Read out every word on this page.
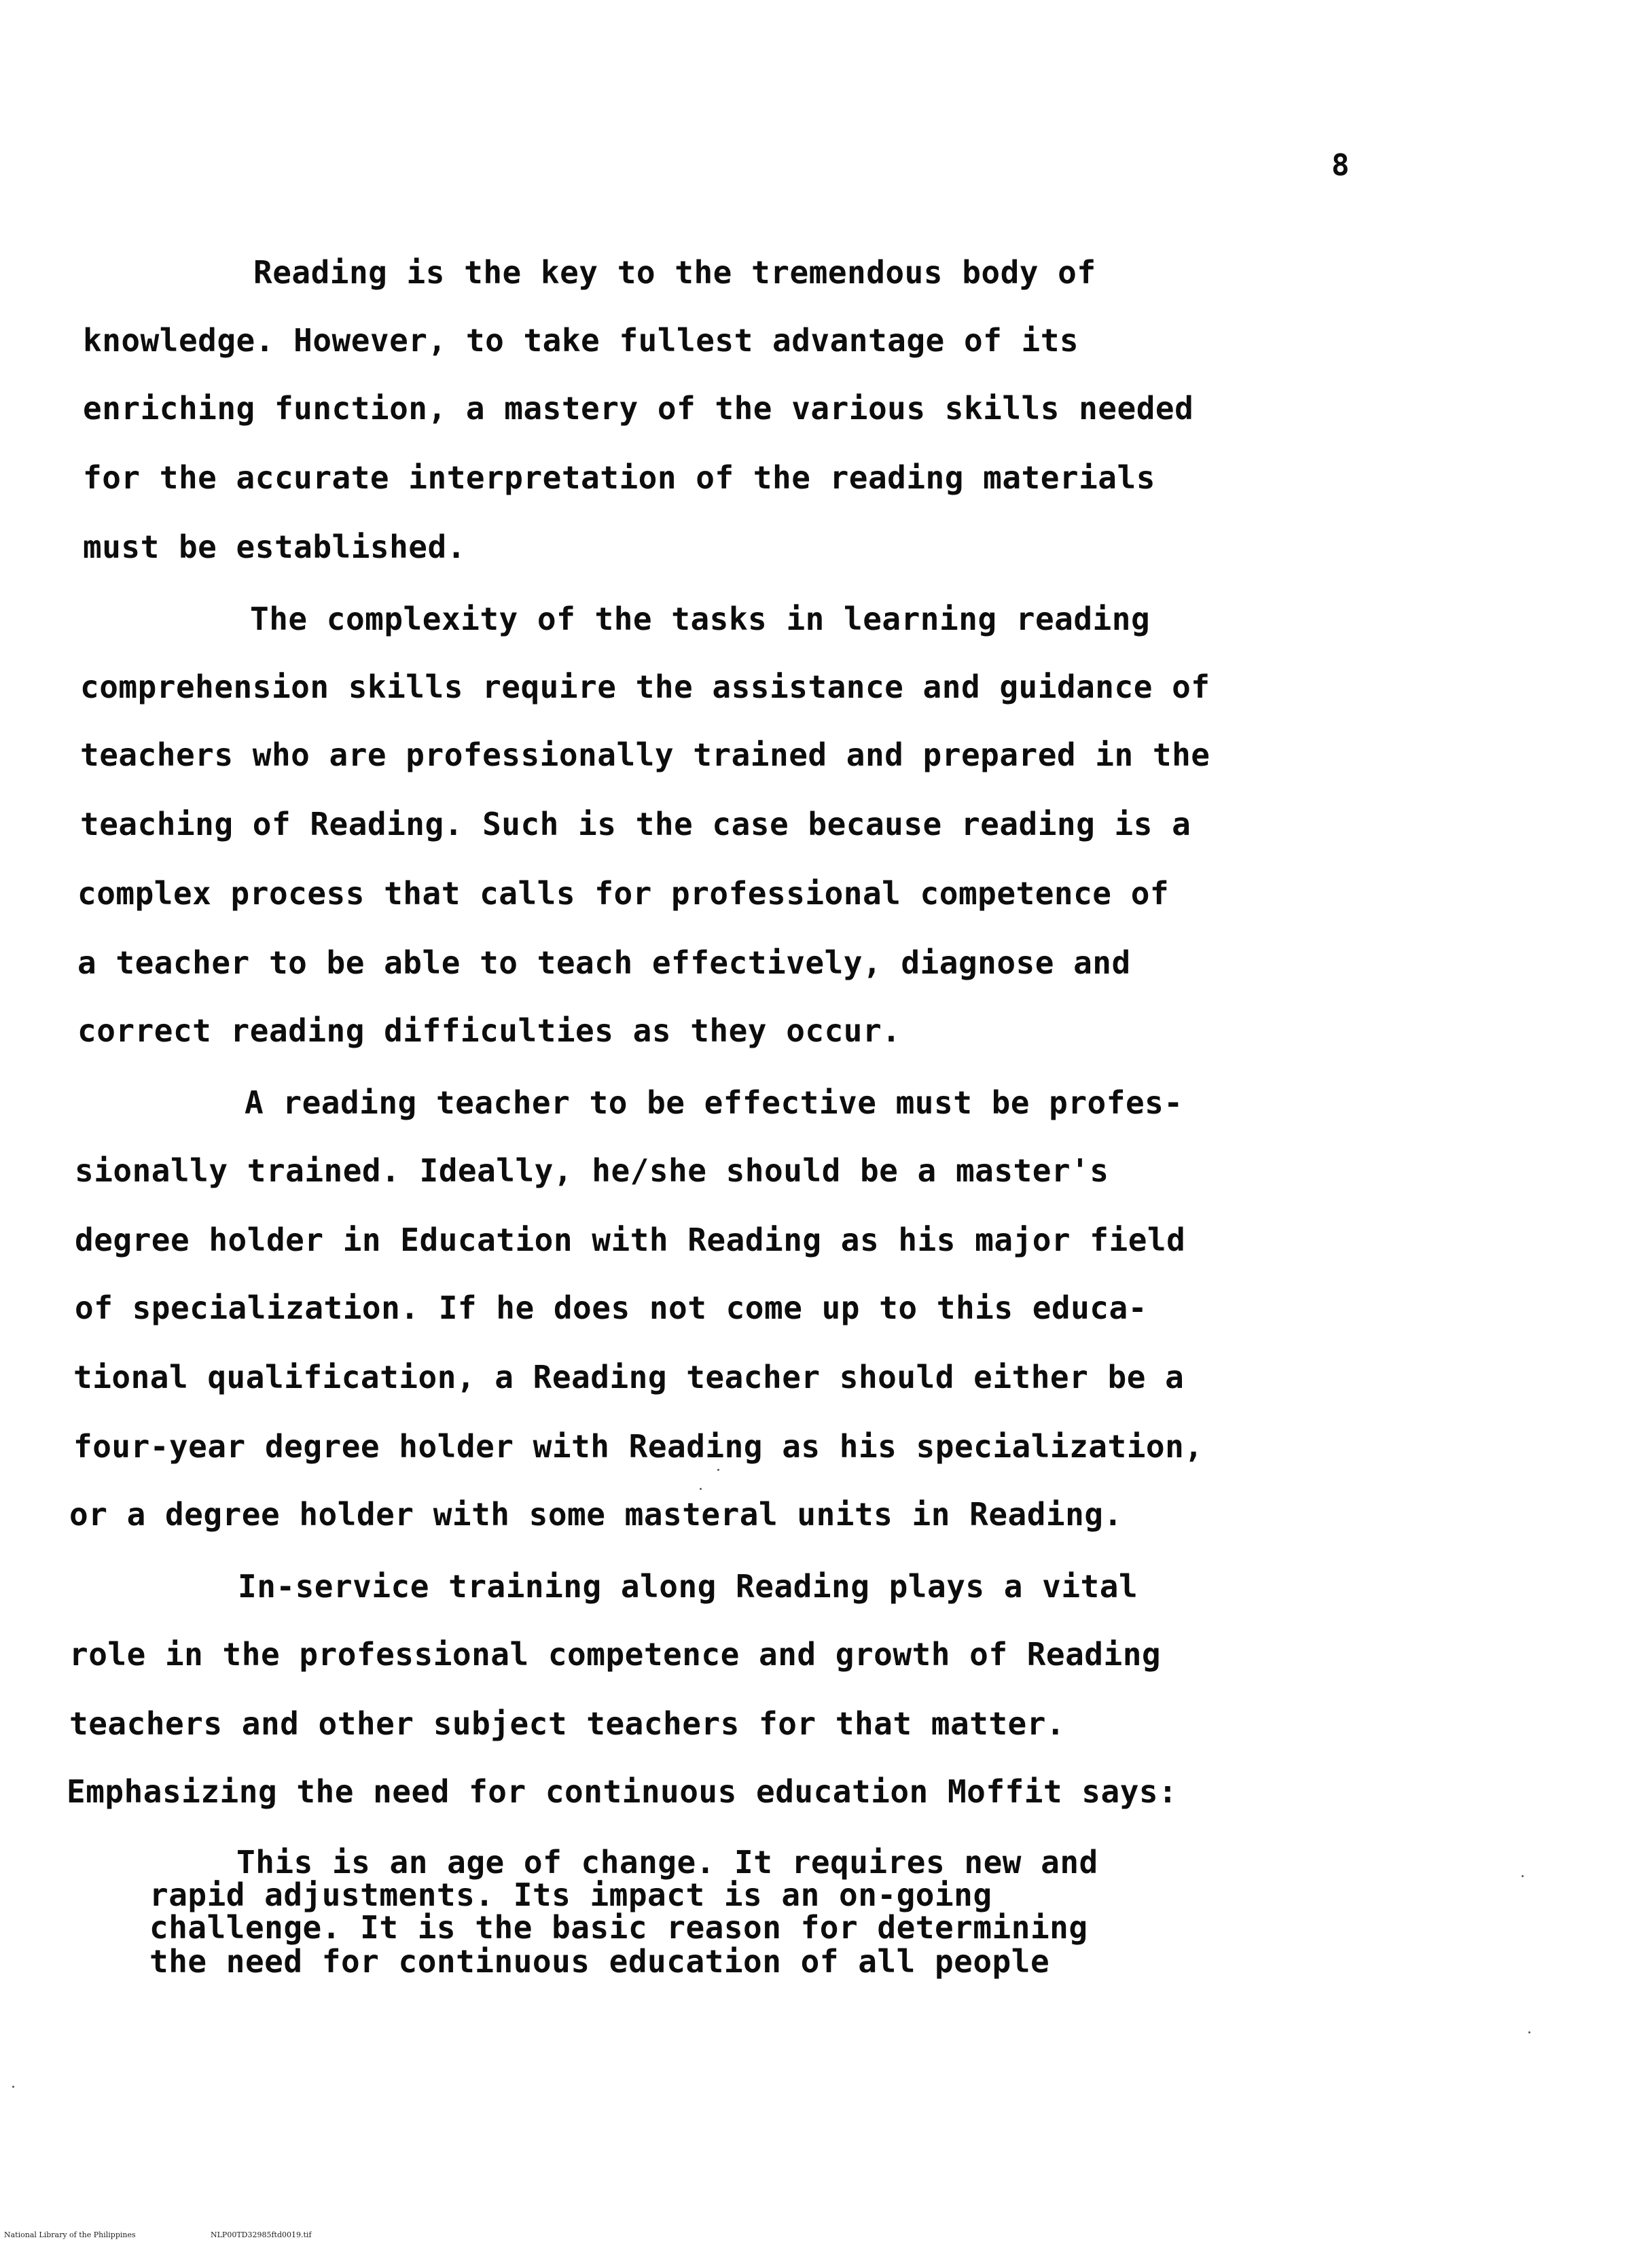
8
Reading is the key to the tremendous body of
knowledge. However, to take fullest advantage of its
enriching function, a mastery of the various skills needed
for the accurate interpretation of the reading materials
must be established.
The complexity of the tasks in learning reading
comprehension skills require the assistance and guidance of
teachers who are professionally trained and prepared in the
teaching of Reading. Such is the case because reading is a
complex process that calls for professional competence of
a teacher to be able to teach effectively, diagnose and
correct reading difficulties as they occur.
A reading teacher to be effective must be profes-
sionally trained. Ideally, he/she should be a master's
degree holder in Education with Reading as his major field
of specialization. If he does not come up to this educa-
tional qualification, a Reading teacher should either be a
four-year degree holder with Reading as his specialization,
or a degree holder with some masteral units in Reading.
In-service training along Reading plays a vital
role in the professional competence and growth of Reading
teachers and other subject teachers for that matter.
Emphasizing the need for continuous education Moffit says:
This is an age of change. It requires new and
rapid adjustments. Its impact is an on-going
challenge. It is the basic reason for determining
the need for continuous education of all people
National Library of the Philippines	NLP00TD32985ftd0019.tif
